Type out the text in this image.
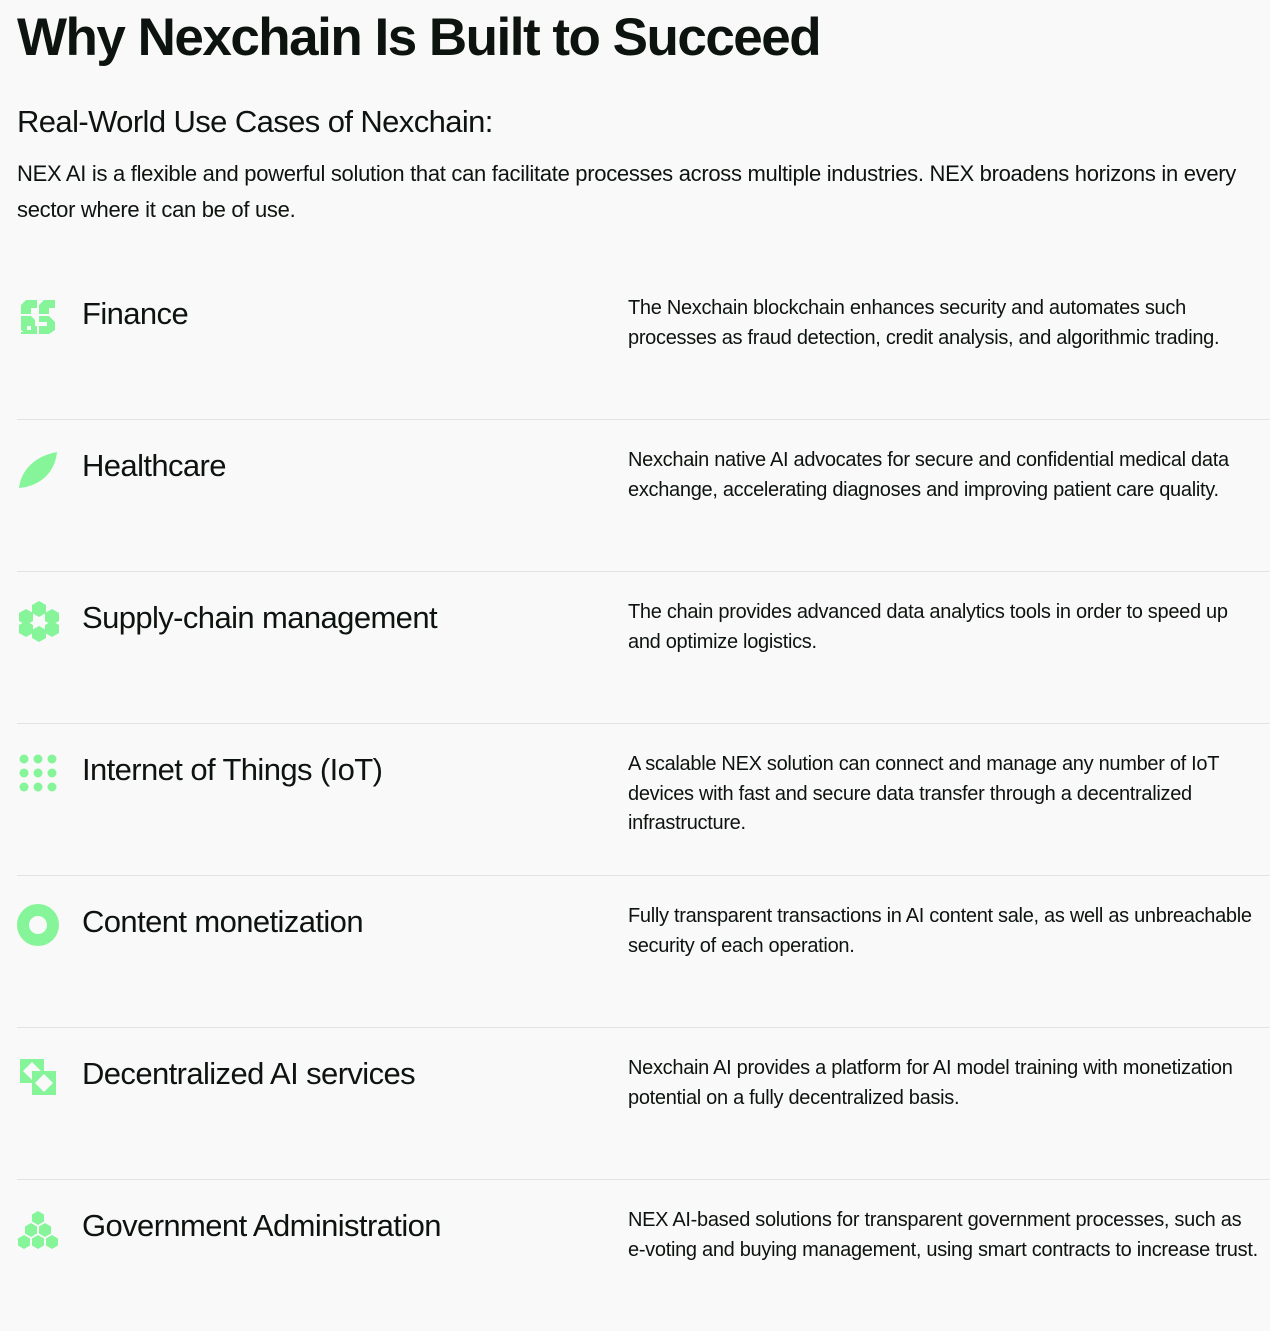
Why Nexchain Is Built to Succeed
Real-World Use Cases of Nexchain:

NEX AI is a flexible and powerful solution that can facilitate processes across multiple industries. NEX broadens horizons in every sector where it can be of use.

Finance	The Nexchain blockchain enhances security and automates such processes as fraud detection, credit analysis, and algorithmic trading.
Healthcare	Nexchain native AI advocates for secure and confidential medical data exchange, accelerating diagnoses and improving patient care quality.
Supply-chain management	The chain provides advanced data analytics tools in order to speed up and optimize logistics.
Internet of Things (IoT)	A scalable NEX solution can connect and manage any number of IoT devices with fast and secure data transfer through a decentralized infrastructure.
Content monetization	Fully transparent transactions in AI content sale, as well as unbreachable security of each operation.
Decentralized AI services	Nexchain AI provides a platform for AI model training with monetization potential on a fully decentralized basis.
Government Administration	NEX AI-based solutions for transparent government processes, such as e-voting and buying management, using smart contracts to increase trust.
